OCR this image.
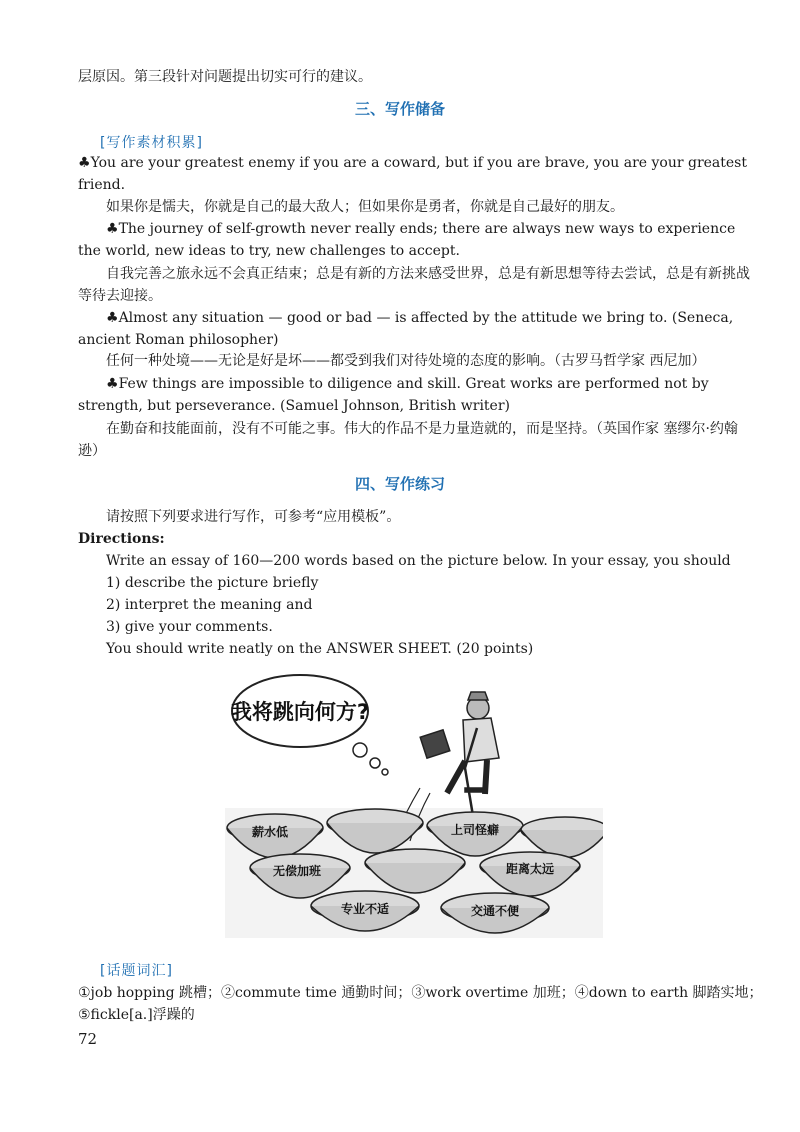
层原因。第三段针对问题提出切实可行的建议。

三、写作储备
[写作素材积累]

♣You are your greatest enemy if you are a coward, but if you are brave, you are your greatest friend.

如果你是懦夫，你就是自己的最大敌人；但如果你是勇者，你就是自己最好的朋友。

♣The journey of self-growth never really ends; there are always new ways to experience the world, new ideas to try, new challenges to accept.

自我完善之旅永远不会真正结束；总是有新的方法来感受世界，总是有新思想等待去尝试，总是有新挑战等待去迎接。

♣Almost any situation — good or bad — is affected by the attitude we bring to. (Seneca, ancient Roman philosopher)

任何一种处境——无论是好是坏——都受到我们对待处境的态度的影响。（古罗马哲学家 西尼加）

♣Few things are impossible to diligence and skill. Great works are performed not by strength, but perseverance. (Samuel Johnson, British writer)

在勤奋和技能面前，没有不可能之事。伟大的作品不是力量造就的，而是坚持。（英国作家 塞缪尔·约翰逊）

四、写作练习

请按照下列要求进行写作，可参考“应用模板”。

Directions:

Write an essay of 160—200 words based on the picture below. In your essay, you should

1) describe the picture briefly

2) interpret the meaning and

3) give your comments.

You should write neatly on the ANSWER SHEET. (20 points)

我将跳向何方?
薪水低	上司怪癖
无偿加班	距离太远
专业不适	交通不便
[话题词汇]

①job hopping 跳槽；②commute time 通勤时间；③work overtime 加班；④down to earth 脚踏实地；

⑤fickle[a.]浮躁的

72
